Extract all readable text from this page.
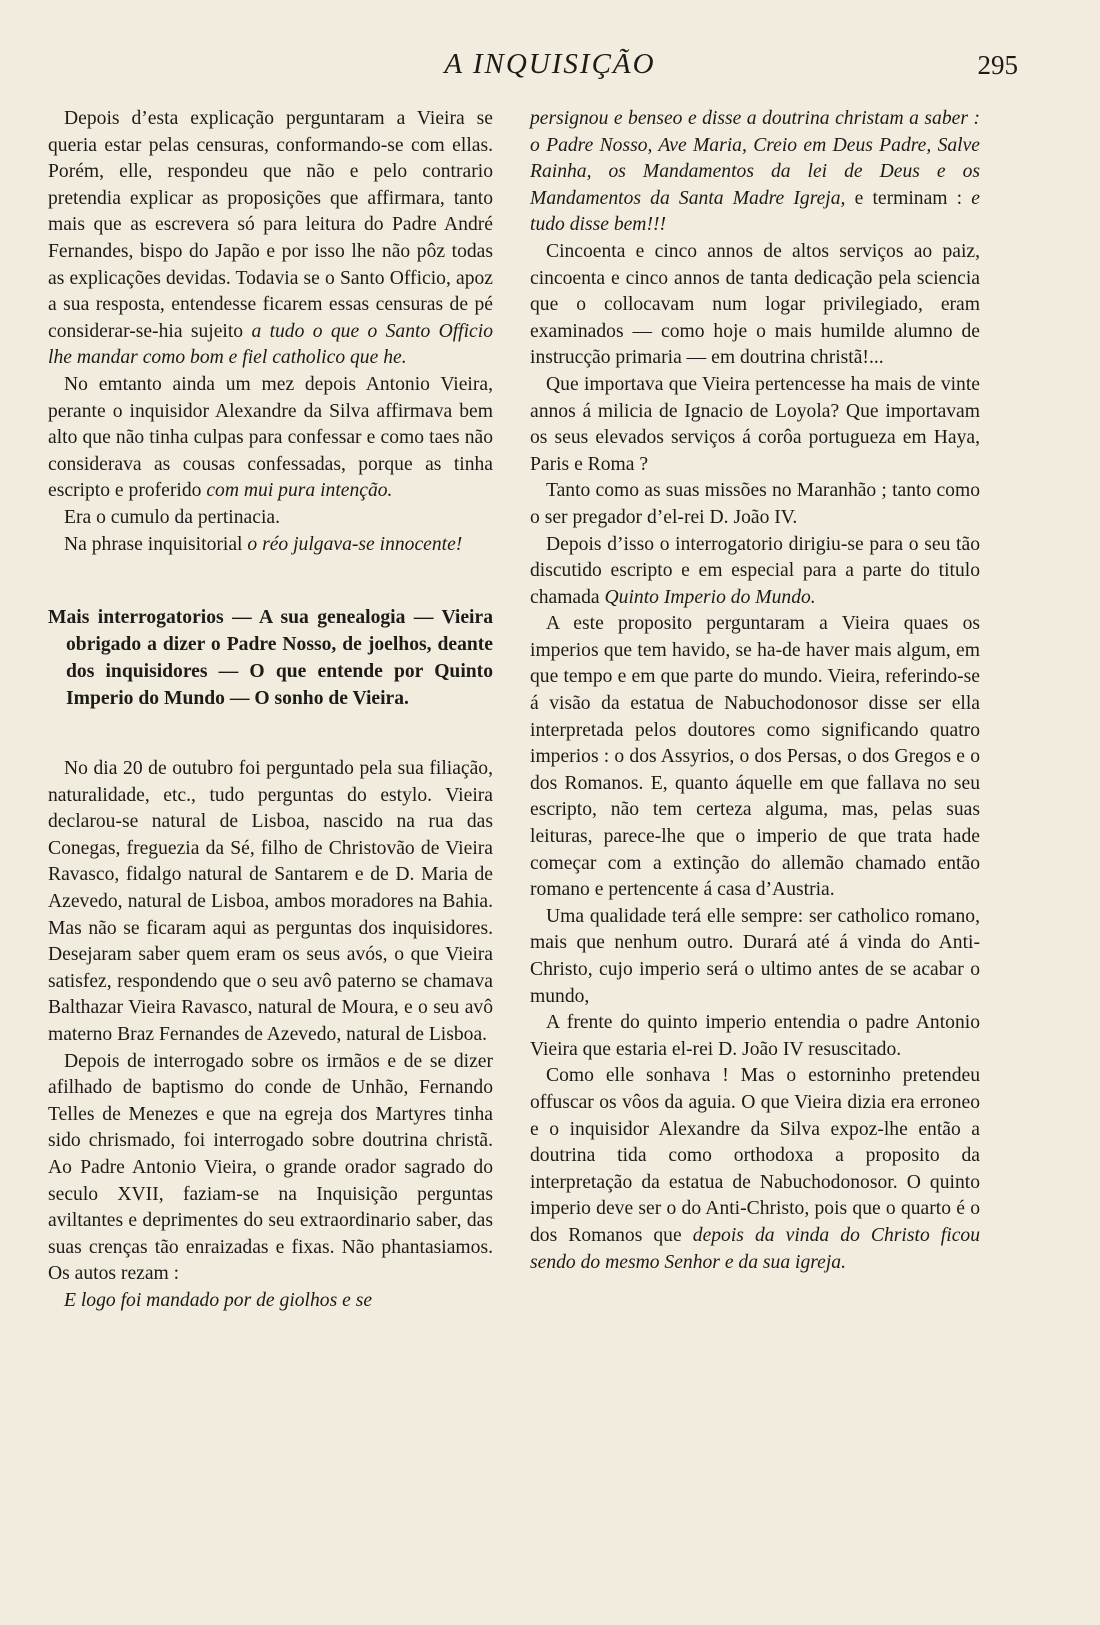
A INQUISIÇÃO	295

Depois d’esta explicação perguntaram a Vieira se queria estar pelas censuras, conformando-se com ellas. Porém, elle, respondeu que não e pelo contrario pretendia explicar as proposições que affirmara, tanto mais que as escrevera só para leitura do Padre André Fernandes, bispo do Japão e por isso lhe não pôz todas as explicações devidas. Todavia se o Santo Officio, apoz a sua resposta, entendesse ficarem essas censuras de pé considerar-se-hia sujeito a tudo o que o Santo Officio lhe mandar como bom e fiel catholico que he.

No emtanto ainda um mez depois Antonio Vieira, perante o inquisidor Alexandre da Silva affirmava bem alto que não tinha culpas para confessar e como taes não considerava as cousas confessadas, porque as tinha escripto e proferido com mui pura intenção.

Era o cumulo da pertinacia.

Na phrase inquisitorial o réo julgava-se innocente!

Mais interrogatorios — A sua genealogia — Vieira obrigado a dizer o Padre Nosso, de joelhos, deante dos inquisidores — O que entende por Quinto Imperio do Mundo — O sonho de Vieira.

No dia 20 de outubro foi perguntado pela sua filiação, naturalidade, etc., tudo perguntas do estylo. Vieira declarou-se natural de Lisboa, nascido na rua das Conegas, freguezia da Sé, filho de Christovão de Vieira Ravasco, fidalgo natural de Santarem e de D. Maria de Azevedo, natural de Lisboa, ambos moradores na Bahia. Mas não se ficaram aqui as perguntas dos inquisidores. Desejaram saber quem eram os seus avós, o que Vieira satisfez, respondendo que o seu avô paterno se chamava Balthazar Vieira Ravasco, natural de Moura, e o seu avô materno Braz Fernandes de Azevedo, natural de Lisboa.

Depois de interrogado sobre os irmãos e de se dizer afilhado de baptismo do conde de Unhão, Fernando Telles de Menezes e que na egreja dos Martyres tinha sido chrismado, foi interrogado sobre doutrina christã. Ao Padre Antonio Vieira, o grande orador sagrado do seculo XVII, faziam-se na Inquisição perguntas aviltantes e deprimentes do seu extraordinario saber, das suas crenças tão enraizadas e fixas. Não phantasiamos. Os autos rezam :

E logo foi mandado por de giolhos e se

persignou e benseo e disse a doutrina christam a saber : o Padre Nosso, Ave Maria, Creio em Deus Padre, Salve Rainha, os Mandamentos da lei de Deus e os Mandamentos da Santa Madre Igreja, e terminam : e tudo disse bem!!!

Cincoenta e cinco annos de altos serviços ao paiz, cincoenta e cinco annos de tanta dedicação pela sciencia que o collocavam num logar privilegiado, eram examinados — como hoje o mais humilde alumno de instrucção primaria — em doutrina christã!...

Que importava que Vieira pertencesse ha mais de vinte annos á milicia de Ignacio de Loyola? Que importavam os seus elevados serviços á corôa portugueza em Haya, Paris e Roma ?

Tanto como as suas missões no Maranhão ; tanto como o ser pregador d’el-rei D. João IV.

Depois d’isso o interrogatorio dirigiu-se para o seu tão discutido escripto e em especial para a parte do titulo chamada Quinto Imperio do Mundo.

A este proposito perguntaram a Vieira quaes os imperios que tem havido, se ha-de haver mais algum, em que tempo e em que parte do mundo. Vieira, referindo-se á visão da estatua de Nabuchodonosor disse ser ella interpretada pelos doutores como significando quatro imperios : o dos Assyrios, o dos Persas, o dos Gregos e o dos Romanos. E, quanto áquelle em que fallava no seu escripto, não tem certeza alguma, mas, pelas suas leituras, parece-lhe que o imperio de que trata hade começar com a extinção do allemão chamado então romano e pertencente á casa d’Austria.

Uma qualidade terá elle sempre: ser catholico romano, mais que nenhum outro. Durará até á vinda do Anti-Christo, cujo imperio será o ultimo antes de se acabar o mundo,

A frente do quinto imperio entendia o padre Antonio Vieira que estaria el-rei D. João IV resuscitado.

Como elle sonhava ! Mas o estorninho pretendeu offuscar os vôos da aguia. O que Vieira dizia era erroneo e o inquisidor Alexandre da Silva expoz-lhe então a doutrina tida como orthodoxa a proposito da interpretação da estatua de Nabuchodonosor. O quinto imperio deve ser o do Anti-Christo, pois que o quarto é o dos Romanos que depois da vinda do Christo ficou sendo do mesmo Senhor e da sua igreja.
